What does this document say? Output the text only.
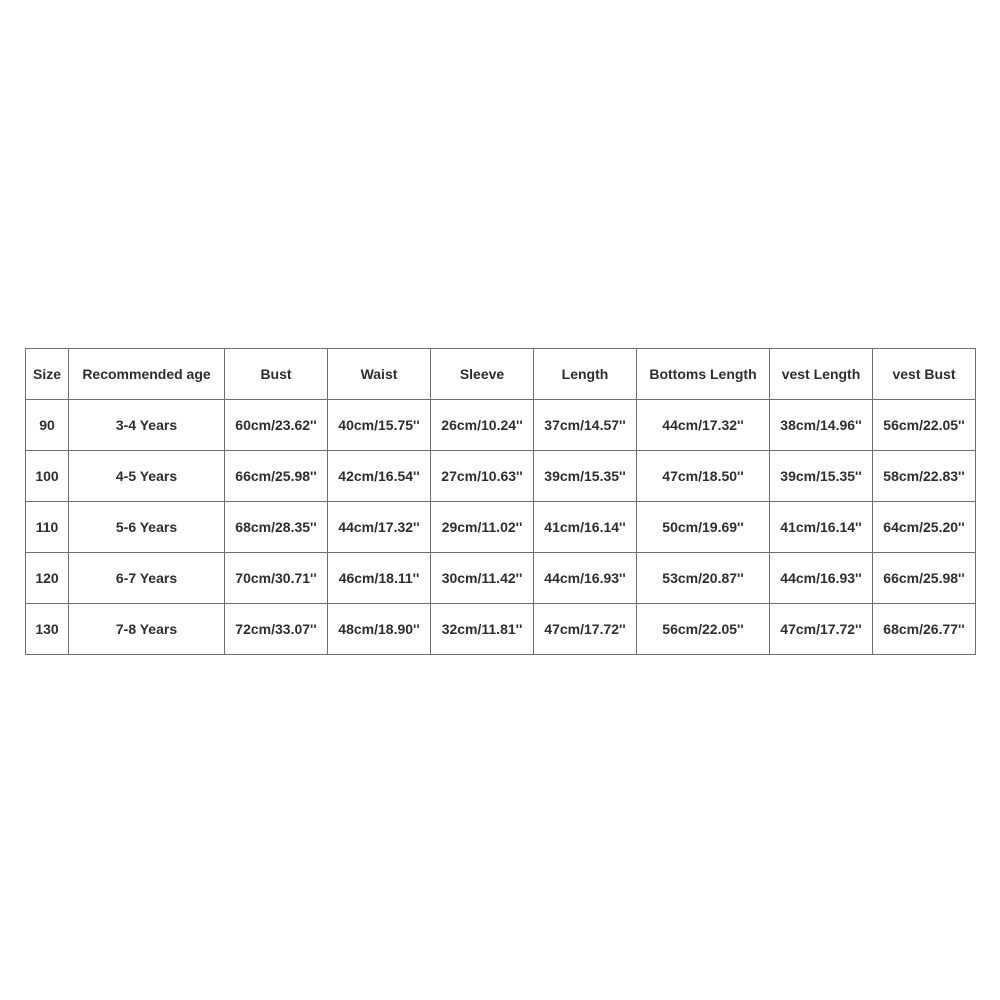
Size	Recommended age	Bust	Waist	Sleeve	Length	Bottoms Length	vest Length	vest Bust
90	3-4 Years	60cm/23.62''	40cm/15.75''	26cm/10.24''	37cm/14.57''	44cm/17.32''	38cm/14.96''	56cm/22.05''
100	4-5 Years	66cm/25.98''	42cm/16.54''	27cm/10.63''	39cm/15.35''	47cm/18.50''	39cm/15.35''	58cm/22.83''
110	5-6 Years	68cm/28.35''	44cm/17.32''	29cm/11.02''	41cm/16.14''	50cm/19.69''	41cm/16.14''	64cm/25.20''
120	6-7 Years	70cm/30.71''	46cm/18.11''	30cm/11.42''	44cm/16.93''	53cm/20.87''	44cm/16.93''	66cm/25.98''
130	7-8 Years	72cm/33.07''	48cm/18.90''	32cm/11.81''	47cm/17.72''	56cm/22.05''	47cm/17.72''	68cm/26.77''
